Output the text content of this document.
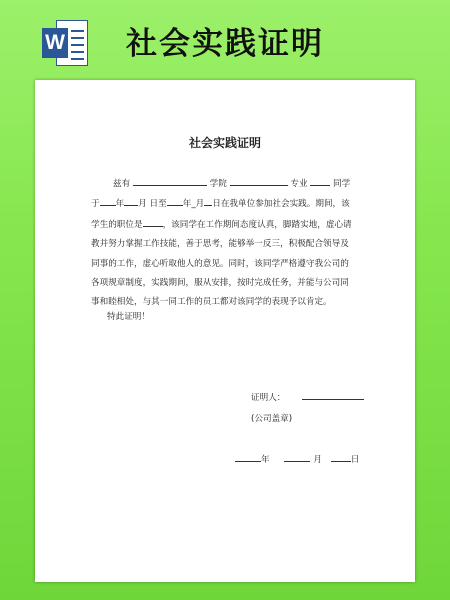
W 社会实践证明
社会实践证明

兹有	学院	专业	同学

于 年 月 日至 年_月 日在我单位参加社会实践。期间，该

学生的职位是 ，该同学在工作期间态度认真，脚踏实地，虚心请

教并努力掌握工作技能，善于思考，能够举一反三，积极配合领导及

同事的工作，虚心听取他人的意见。同时，该同学严格遵守我公司的

各项规章制度，实践期间，服从安排，按时完成任务，并能与公司同

事和睦相处，与其一同工作的员工都对该同学的表现予以肯定。

特此证明！
证明人：
(公司盖章)
年	月	日
